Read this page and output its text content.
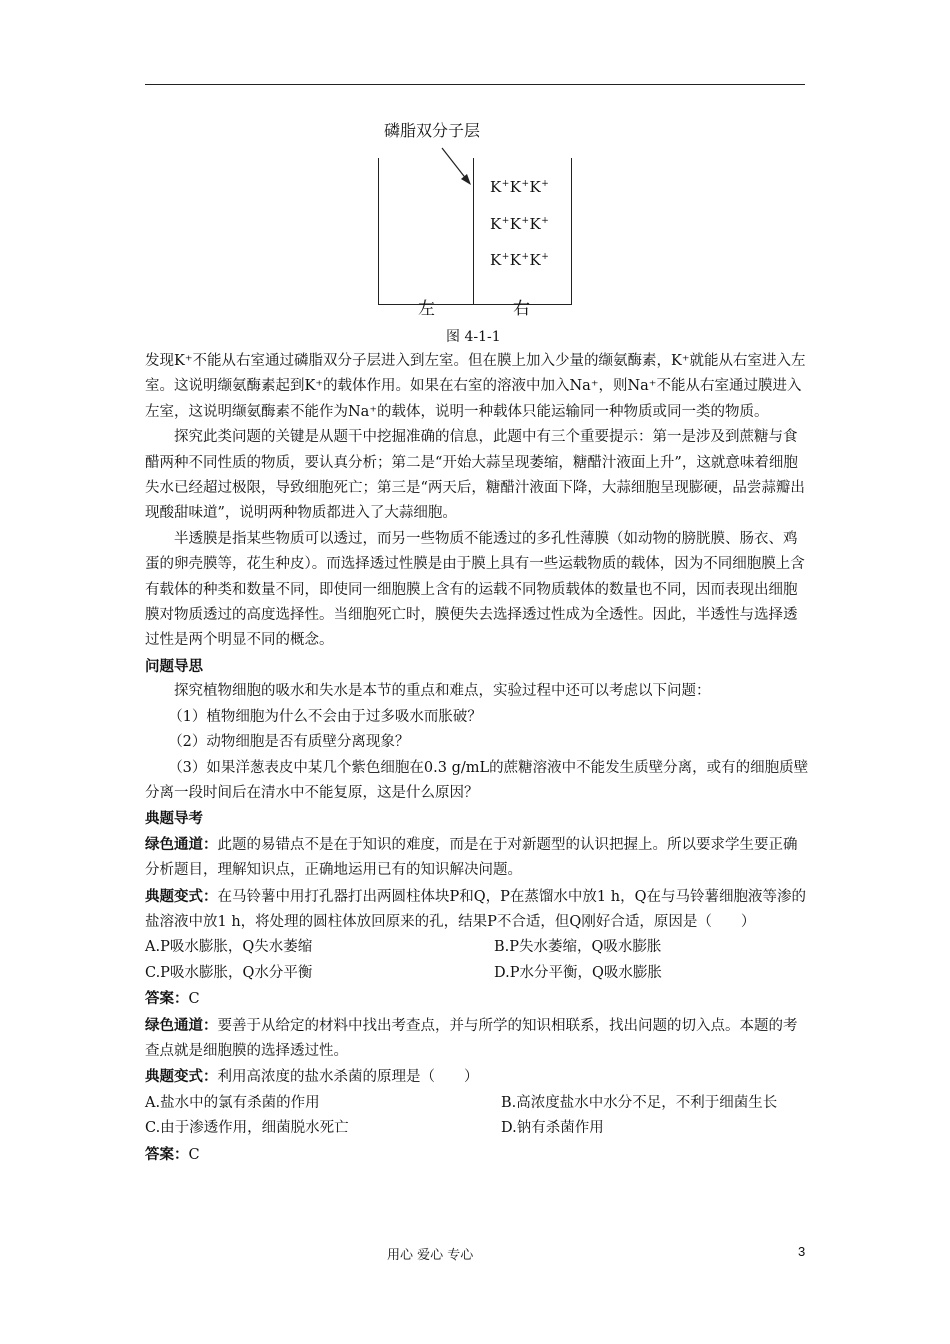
磷脂双分子层
K+K+K+
K+K+K+
K+K+K+
左	右
图 4-1-1

发现K⁺不能从右室通过磷脂双分子层进入到左室。但在膜上加入少量的缬氨酶素，K⁺就能从右室进入左室。这说明缬氨酶素起到K⁺的载体作用。如果在右室的溶液中加入Na⁺，则Na⁺不能从右室通过膜进入左室，这说明缬氨酶素不能作为Na⁺的载体，说明一种载体只能运输同一种物质或同一类的物质。

探究此类问题的关键是从题干中挖掘准确的信息，此题中有三个重要提示：第一是涉及到蔗糖与食醋两种不同性质的物质，要认真分析；第二是“开始大蒜呈现萎缩，糖醋汁液面上升”，这就意味着细胞失水已经超过极限，导致细胞死亡；第三是“两天后，糖醋汁液面下降，大蒜细胞呈现膨硬，品尝蒜瓣出现酸甜味道”，说明两种物质都进入了大蒜细胞。

半透膜是指某些物质可以透过，而另一些物质不能透过的多孔性薄膜（如动物的膀胱膜、肠衣、鸡蛋的卵壳膜等，花生种皮）。而选择透过性膜是由于膜上具有一些运载物质的载体，因为不同细胞膜上含有载体的种类和数量不同，即使同一细胞膜上含有的运载不同物质载体的数量也不同，因而表现出细胞膜对物质透过的高度选择性。当细胞死亡时，膜便失去选择透过性成为全透性。因此，半透性与选择透过性是两个明显不同的概念。

问题导思

探究植物细胞的吸水和失水是本节的重点和难点，实验过程中还可以考虑以下问题：

（1）植物细胞为什么不会由于过多吸水而胀破？

（2）动物细胞是否有质壁分离现象？

（3）如果洋葱表皮中某几个紫色细胞在0.3 g/mL的蔗糖溶液中不能发生质壁分离，或有的细胞质壁分离一段时间后在清水中不能复原，这是什么原因？

典题导考

绿色通道：此题的易错点不是在于知识的难度，而是在于对新题型的认识把握上。所以要求学生要正确分析题目，理解知识点，正确地运用已有的知识解决问题。

典题变式：在马铃薯中用打孔器打出两圆柱体块P和Q，P在蒸馏水中放1 h，Q在与马铃薯细胞液等渗的盐溶液中放1 h，将处理的圆柱体放回原来的孔，结果P不合适，但Q刚好合适，原因是（　　）

A.P吸水膨胀，Q失水萎缩	B.P失水萎缩，Q吸水膨胀
C.P吸水膨胀，Q水分平衡	D.P水分平衡，Q吸水膨胀

答案：C

绿色通道：要善于从给定的材料中找出考查点，并与所学的知识相联系，找出问题的切入点。本题的考查点就是细胞膜的选择透过性。

典题变式：利用高浓度的盐水杀菌的原理是（　　）

A.盐水中的氯有杀菌的作用	B.高浓度盐水中水分不足，不利于细菌生长

C.由于渗透作用，细菌脱水死亡	D.钠有杀菌作用

答案：C

用心 爱心 专心	3
